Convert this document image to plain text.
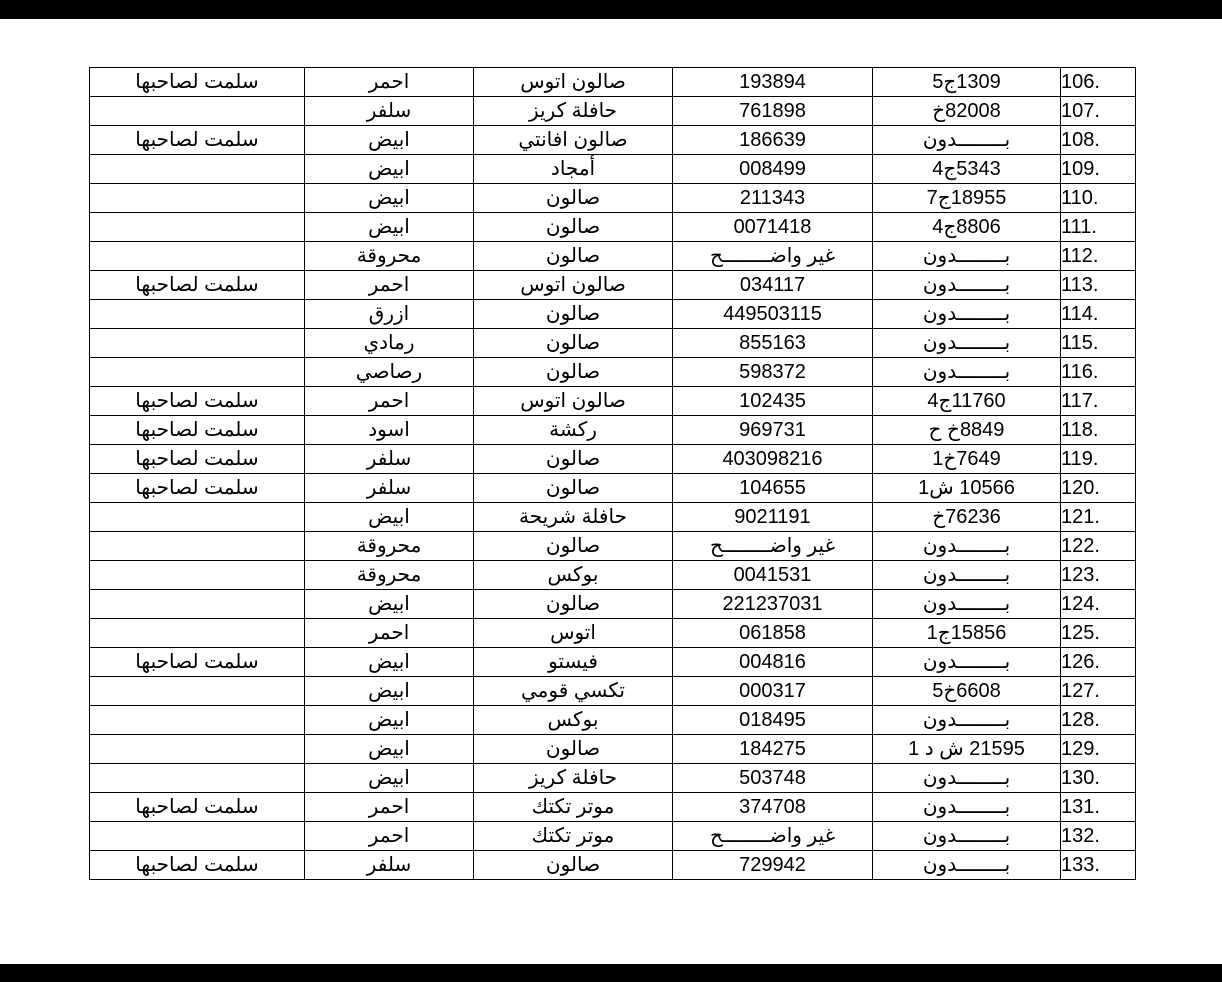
سلمت لصاحبها	احمر	صالون اتوس	193894	1309ج5	106.
	سلفر	حافلة كريز	761898	82008خ	107.
سلمت لصاحبها	ابيض	صالون افانتي	186639	بــــــــدون	108.
	ابيض	أمجاد	008499	5343ج4	109.
	ابيض	صالون	211343	18955ج7	110.
	ابيض	صالون	0071418	8806ج4	111.
	محروقة	صالون	غير واضــــــــح	بــــــــدون	112.
سلمت لصاحبها	احمر	صالون اتوس	034117	بــــــــدون	113.
	ازرق	صالون	449503115	بــــــــدون	114.
	رمادي	صالون	855163	بــــــــدون	115.
	رصاصي	صالون	598372	بــــــــدون	116.
سلمت لصاحبها	احمر	صالون اتوس	102435	11760ج4	117.
سلمت لصاحبها	اسود	ركشة	969731	8849خ ح	118.
سلمت لصاحبها	سلفر	صالون	403098216	7649خ1	119.
سلمت لصاحبها	سلفر	صالون	104655	10566 ش1	120.
	ابيض	حافلة شريحة	9021191	76236خ	121.
	محروقة	صالون	غير واضــــــــح	بــــــــدون	122.
	محروقة	بوكس	0041531	بــــــــدون	123.
	ابيض	صالون	221237031	بــــــــدون	124.
	احمر	اتوس	061858	15856ج1	125.
سلمت لصاحبها	ابيض	فيستو	004816	بــــــــدون	126.
	ابيض	تكسي قومي	000317	6608خ5	127.
	ابيض	بوكس	018495	بــــــــدون	128.
	ابيض	صالون	184275	21595 ش د 1	129.
	ابيض	حافلة كريز	503748	بــــــــدون	130.
سلمت لصاحبها	احمر	موتر تكتك	374708	بــــــــدون	131.
	احمر	موتر تكتك	غير واضــــــــح	بــــــــدون	132.
سلمت لصاحبها	سلفر	صالون	729942	بــــــــدون	133.
